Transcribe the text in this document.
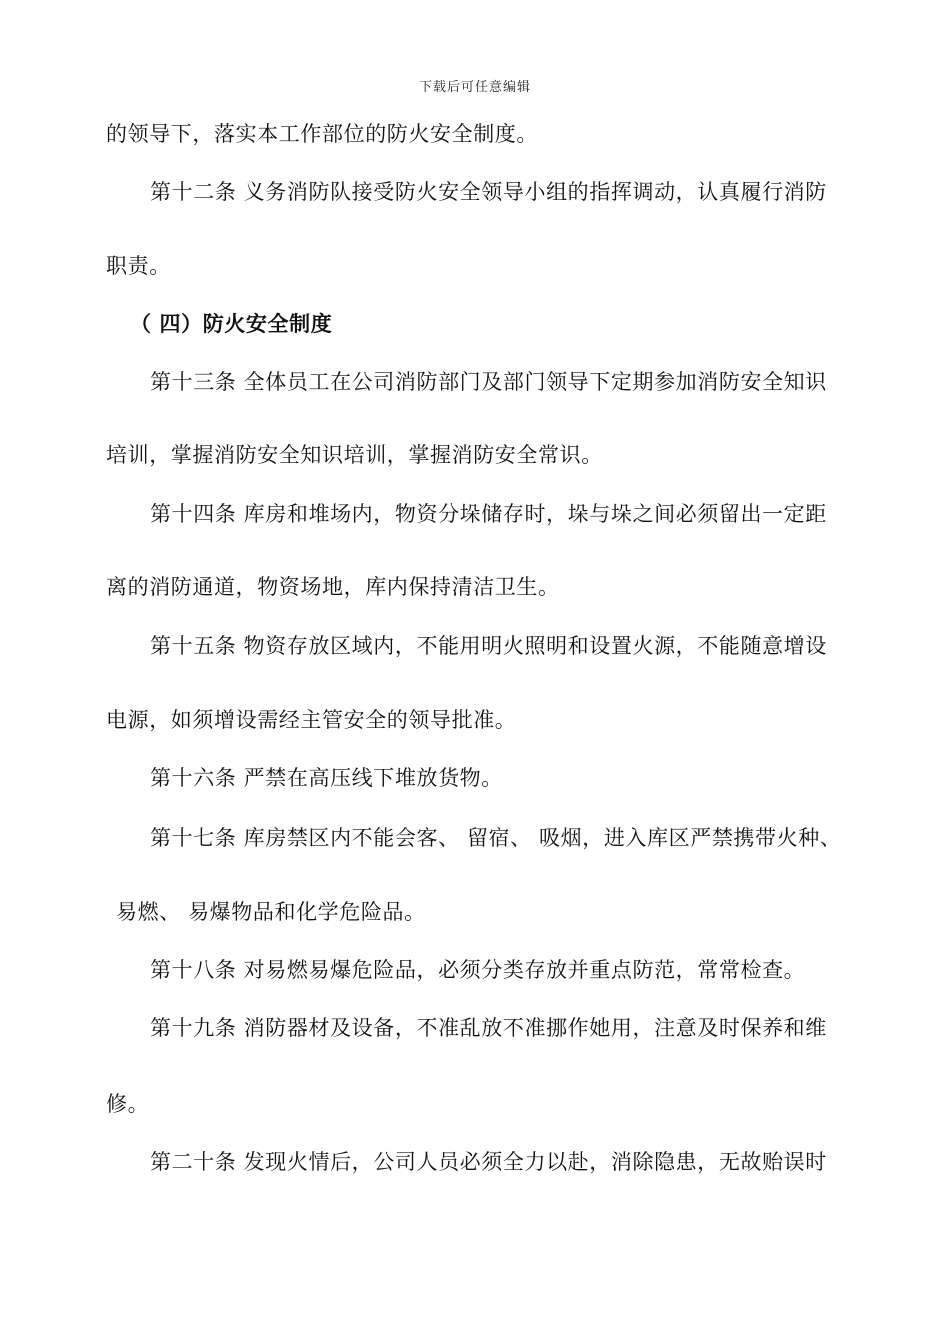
下载后可任意编辑
的领导下，落实本工作部位的防火安全制度。
第十二条 义务消防队接受防火安全领导小组的指挥调动，认真履行消防
职责。
（ 四）防火安全制度
第十三条 全体员工在公司消防部门及部门领导下定期参加消防安全知识
培训，掌握消防安全知识培训，掌握消防安全常识。
第十四条 库房和堆场内，物资分垛储存时，垛与垛之间必须留出一定距
离的消防通道，物资场地，库内保持清洁卫生。
第十五条 物资存放区域内，不能用明火照明和设置火源，不能随意增设
电源，如须增设需经主管安全的领导批准。
第十六条 严禁在高压线下堆放货物。
第十七条 库房禁区内不能会客、 留宿、 吸烟，进入库区严禁携带火种、
易燃、 易爆物品和化学危险品。
第十八条 对易燃易爆危险品，必须分类存放并重点防范，常常检查。
第十九条 消防器材及设备，不准乱放不准挪作她用，注意及时保养和维
修。
第二十条 发现火情后，公司人员必须全力以赴，消除隐患，无故贻误时
